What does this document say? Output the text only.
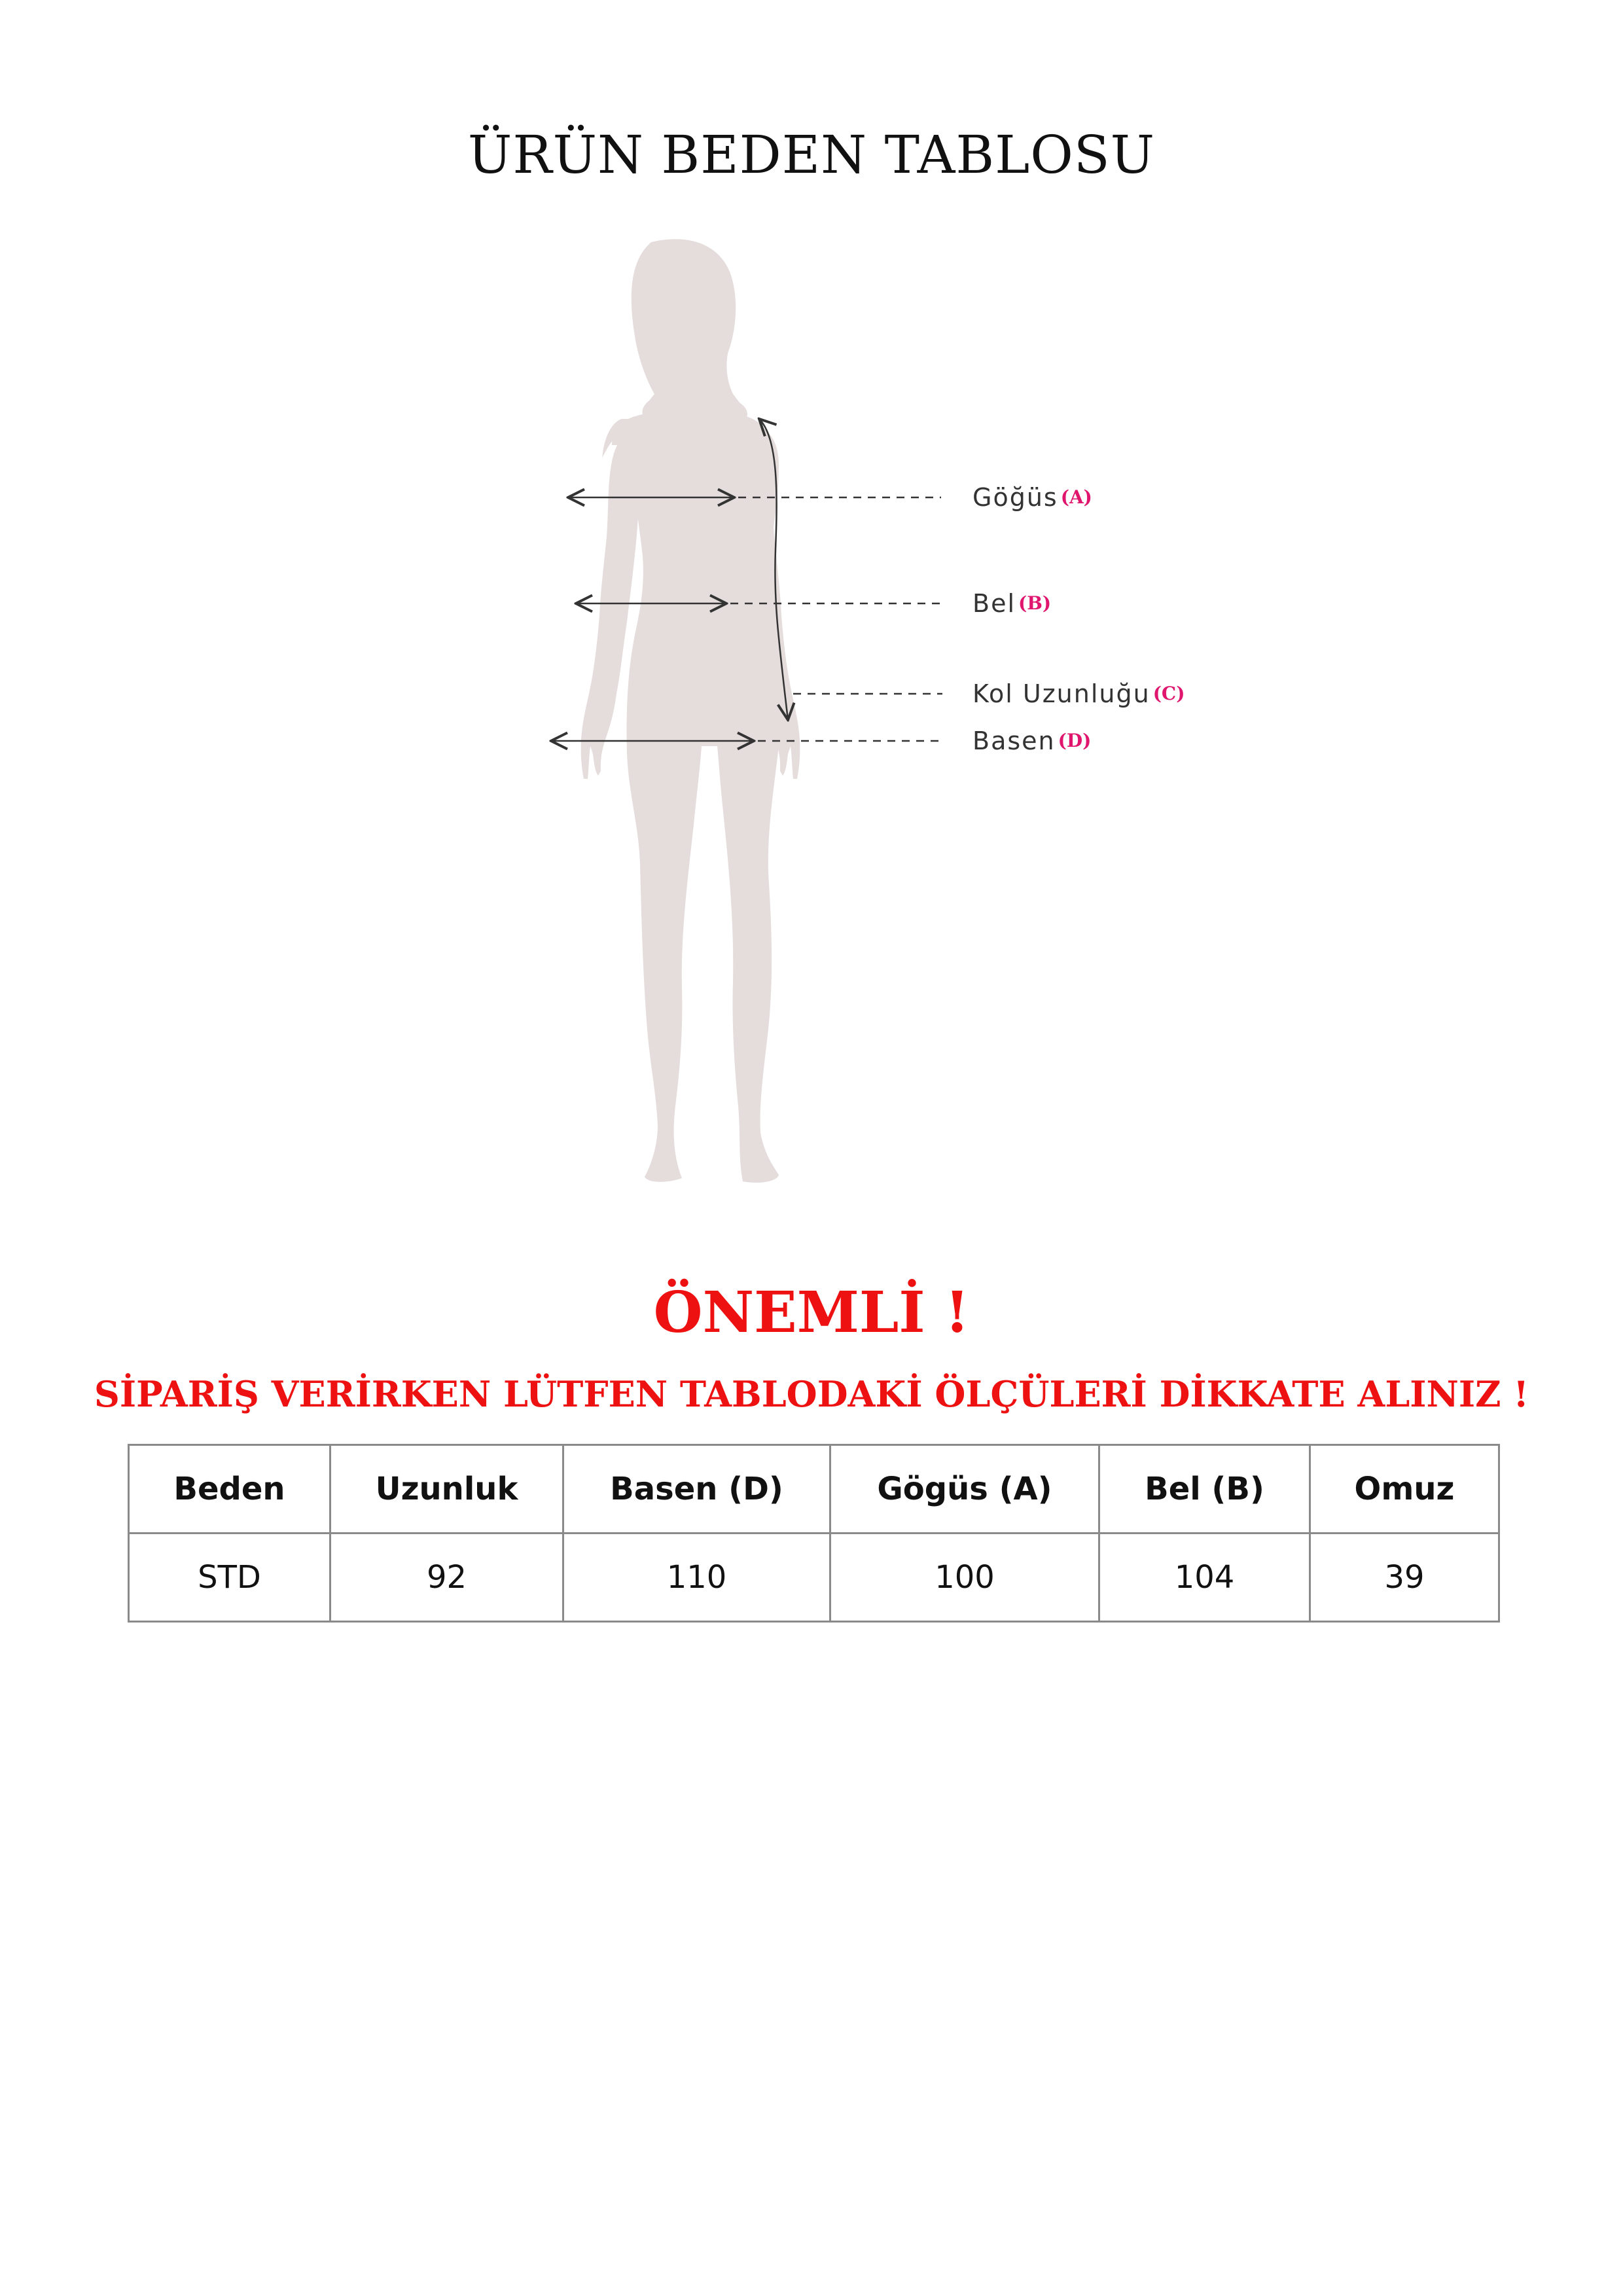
ÜRÜN BEDEN TABLOSU
Göğüs (A)
Bel (B)
Kol Uzunluğu (C)
Basen (D)
ÖNEMLİ !
SİPARİŞ VERİRKEN LÜTFEN TABLODAKİ ÖLÇÜLERİ DİKKATE ALINIZ !
Beden	Uzunluk	Basen (D)	Gögüs (A)	Bel (B)	Omuz
STD	92	110	100	104	39
